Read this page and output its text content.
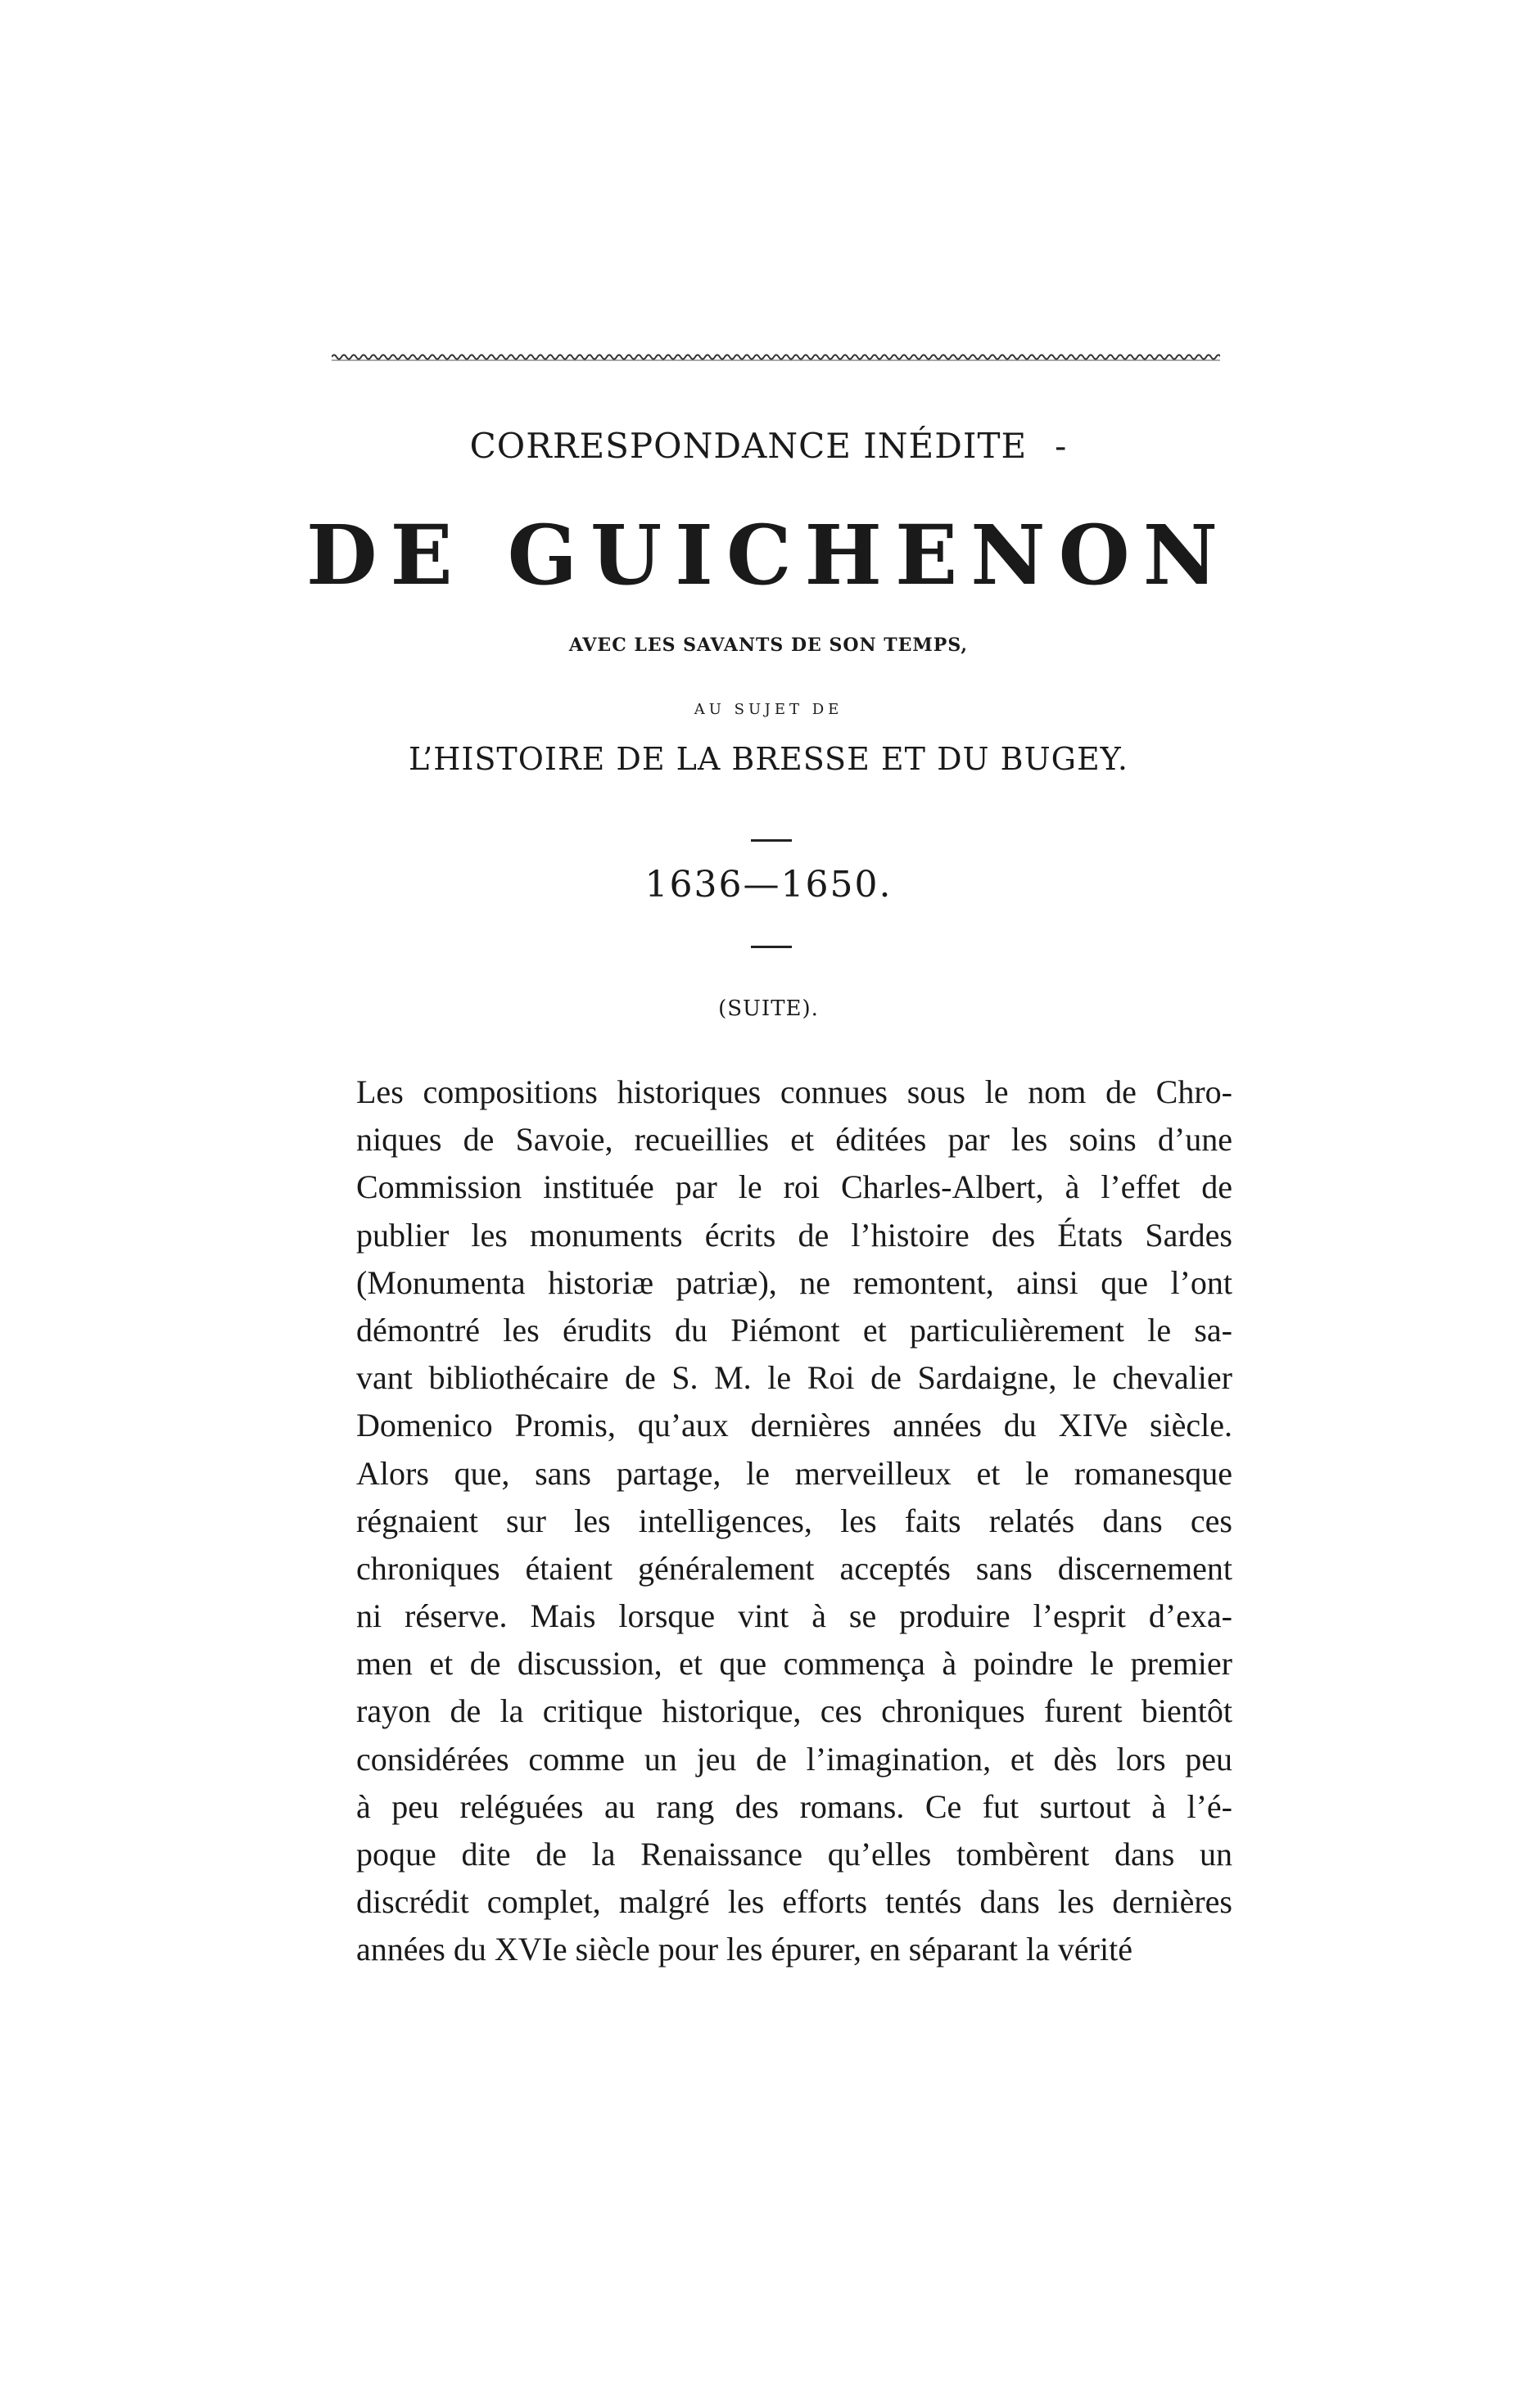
CORRESPONDANCE INÉDITE -
DE GUICHENON
AVEC LES SAVANTS DE SON TEMPS,
AU SUJET DE
L’HISTOIRE DE LA BRESSE ET DU BUGEY.
1636—1650.
(SUITE).
Les compositions historiques connues sous le nom de Chro-
niques de Savoie, recueillies et éditées par les soins d’une
Commission instituée par le roi Charles-Albert, à l’effet de
publier les monuments écrits de l’histoire des États Sardes
(Monumenta historiæ patriæ), ne remontent, ainsi que l’ont
démontré les érudits du Piémont et particulièrement le sa-
vant bibliothécaire de S. M. le Roi de Sardaigne, le chevalier
Domenico Promis, qu’aux dernières années du XIVe siècle.
Alors que, sans partage, le merveilleux et le romanesque
régnaient sur les intelligences, les faits relatés dans ces
chroniques étaient généralement acceptés sans discernement
ni réserve. Mais lorsque vint à se produire l’esprit d’exa-
men et de discussion, et que commença à poindre le premier
rayon de la critique historique, ces chroniques furent bientôt
considérées comme un jeu de l’imagination, et dès lors peu
à peu reléguées au rang des romans. Ce fut surtout à l’é-
poque dite de la Renaissance qu’elles tombèrent dans un
discrédit complet, malgré les efforts tentés dans les dernières
années du XVIe siècle pour les épurer, en séparant la vérité
